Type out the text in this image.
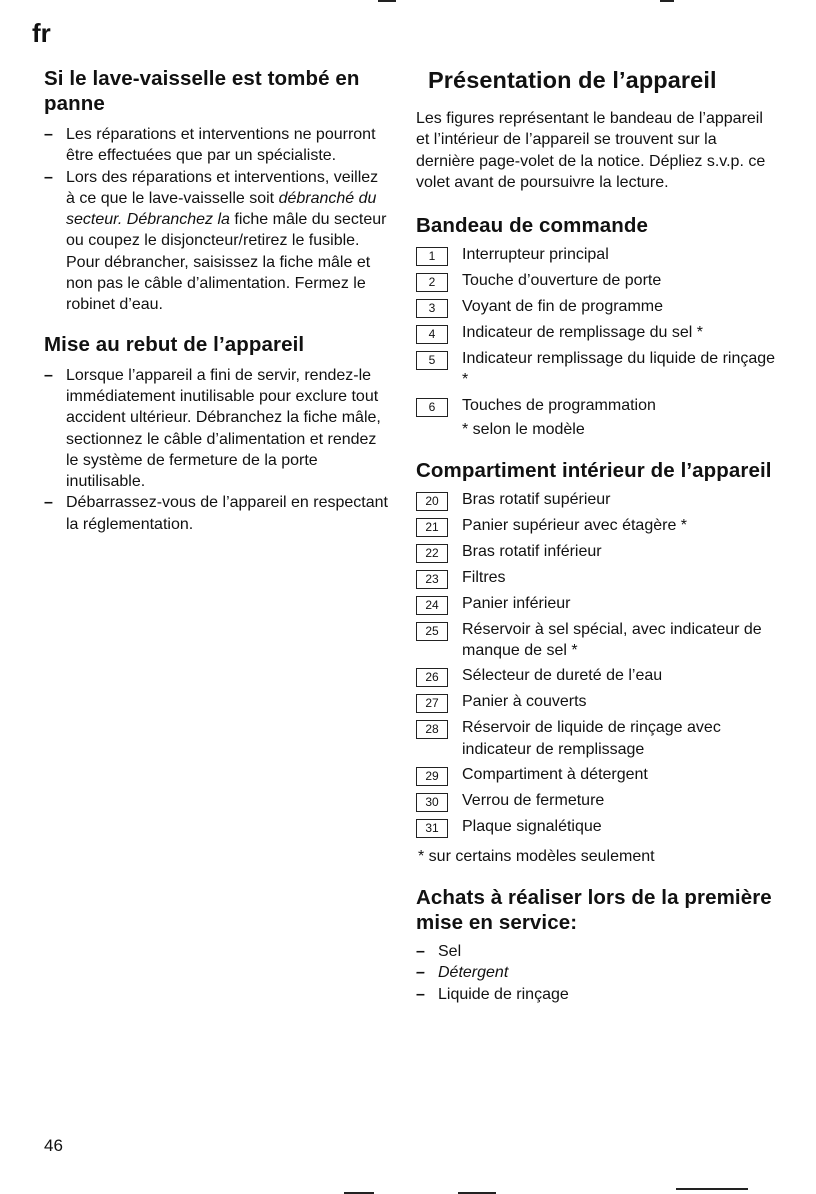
fr
Si le lave-vaisselle est tombé en panne
– Les réparations et interventions ne pourront être effectuées que par un spécialiste.
– Lors des réparations et interventions, veillez à ce que le lave-vaisselle soit débranché du secteur. Débranchez la fiche mâle du secteur ou coupez le disjoncteur/retirez le fusible. Pour débrancher, saisissez la fiche mâle et non pas le câble d’alimentation. Fermez le robinet d’eau.
Mise au rebut de l’appareil
– Lorsque l’appareil a fini de servir, rendez-le immédiatement inutilisable pour exclure tout accident ultérieur. Débranchez la fiche mâle, sectionnez le câble d’alimentation et rendez le système de fermeture de la porte inutilisable.
– Débarrassez-vous de l’appareil en respectant la réglementation.
Présentation de l’appareil

Les figures représentant le bandeau de l’appareil et l’intérieur de l’appareil se trouvent sur la dernière page-volet de la notice. Dépliez s.v.p. ce volet avant de poursuivre la lecture.

Bandeau de commande
1	Interrupteur principal
2	Touche d’ouverture de porte
3	Voyant de fin de programme
4	Indicateur de remplissage du sel *
5	Indicateur remplissage du liquide de rinçage *
6	Touches de programmation
* selon le modèle
Compartiment intérieur de l’appareil
20	Bras rotatif supérieur
21	Panier supérieur avec étagère *
22	Bras rotatif inférieur
23	Filtres
24	Panier inférieur
25	Réservoir à sel spécial, avec indicateur de manque de sel *
26	Sélecteur de dureté de l’eau
27	Panier à couverts
28	Réservoir de liquide de rinçage avec indicateur de remplissage
29	Compartiment à détergent
30	Verrou de fermeture
31	Plaque signalétique
* sur certains modèles seulement
Achats à réaliser lors de la première mise en service:
– Sel
– Détergent
– Liquide de rinçage
46
